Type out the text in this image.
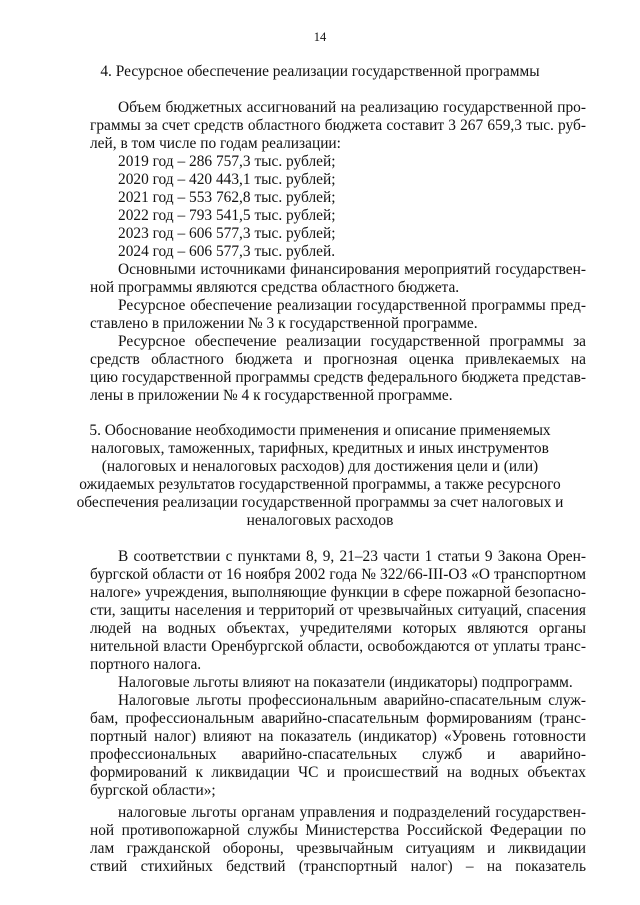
14
4. Ресурсное обеспечение реализации государственной программы
Объем бюджетных ассигнований на реализацию государственной про-
граммы за счет средств областного бюджета составит 3 267 659,3 тыс. руб-
лей, в том числе по годам реализации:
2019 год – 286 757,3 тыс. рублей;
2020 год – 420 443,1 тыс. рублей;
2021 год – 553 762,8 тыс. рублей;
2022 год – 793 541,5 тыс. рублей;
2023 год – 606 577,3 тыс. рублей;
2024 год – 606 577,3 тыс. рублей.
Основными источниками финансирования мероприятий государствен-
ной программы являются средства областного бюджета.
Ресурсное обеспечение реализации государственной программы пред-
ставлено в приложении № 3 к государственной программе.
Ресурсное обеспечение реализации государственной программы за
средств областного бюджета и прогнозная оценка привлекаемых на
цию государственной программы средств федерального бюджета представ-
лены в приложении № 4 к государственной программе.
5. Обоснование необходимости применения и описание применяемых
налоговых, таможенных, тарифных, кредитных и иных инструментов
(налоговых и неналоговых расходов) для достижения цели и (или)
ожидаемых результатов государственной программы, а также ресурсного
обеспечения реализации государственной программы за счет налоговых и
неналоговых расходов
В соответствии с пунктами 8, 9, 21–23 части 1 статьи 9 Закона Орен-
бургской области от 16 ноября 2002 года № 322/66-III-ОЗ «О транспортном
налоге» учреждения, выполняющие функции в сфере пожарной безопасно-
сти, защиты населения и территорий от чрезвычайных ситуаций, спасения
людей на водных объектах, учредителями которых являются органы
нительной власти Оренбургской области, освобождаются от уплаты транс-
портного налога.
Налоговые льготы влияют на показатели (индикаторы) подпрограмм.
Налоговые льготы профессиональным аварийно-спасательным служ-
бам, профессиональным аварийно-спасательным формированиям (транс-
портный налог) влияют на показатель (индикатор) «Уровень готовности
профессиональных аварийно-спасательных служб и аварийно-
формирований к ликвидации ЧС и происшествий на водных объектах
бургской области»;
налоговые льготы органам управления и подразделений государствен-
ной противопожарной службы Министерства Российской Федерации по
лам гражданской обороны, чрезвычайным ситуациям и ликвидации
ствий стихийных бедствий (транспортный налог) – на показатель
